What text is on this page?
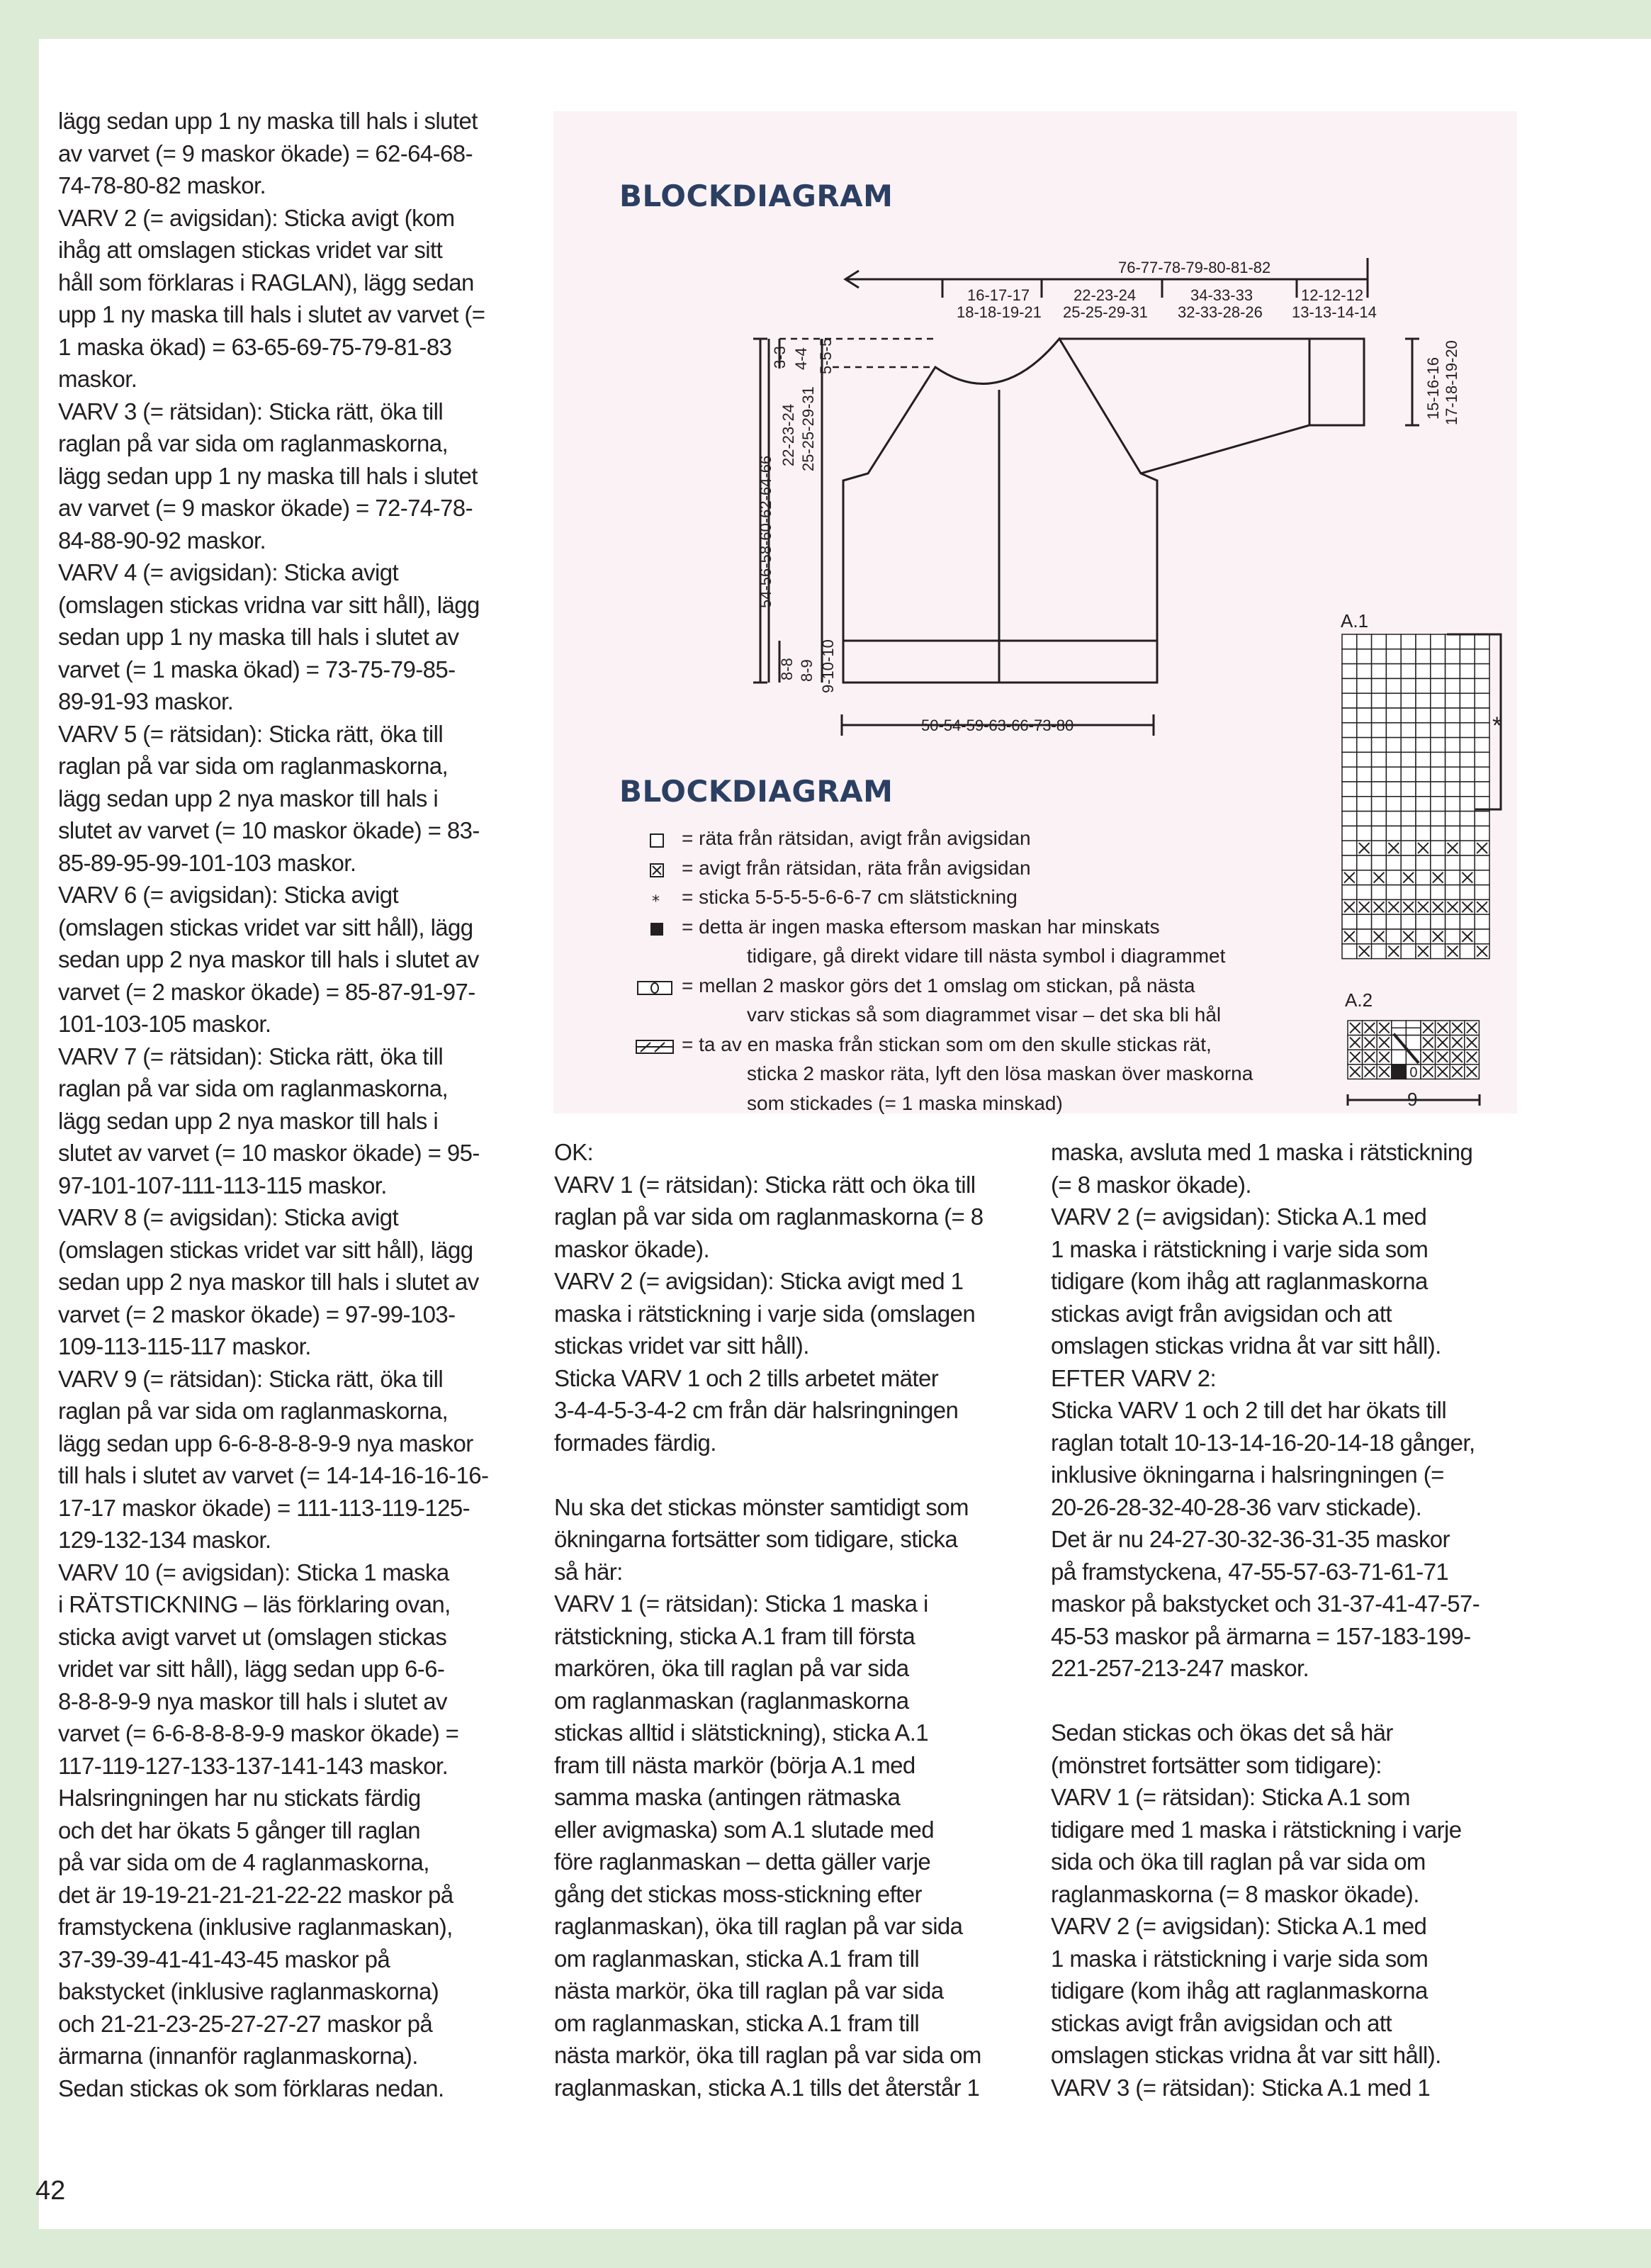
lägg sedan upp 1 ny maska till hals i slutet
av varvet (= 9 maskor ökade) = 62-64-68-
74-78-80-82 maskor.
VARV 2 (= avigsidan): Sticka avigt (kom
ihåg att omslagen stickas vridet var sitt
håll som förklaras i RAGLAN), lägg sedan
upp 1 ny maska till hals i slutet av varvet (=
1 maska ökad) = 63-65-69-75-79-81-83
maskor.
VARV 3 (= rätsidan): Sticka rätt, öka till
raglan på var sida om raglanmaskorna,
lägg sedan upp 1 ny maska till hals i slutet
av varvet (= 9 maskor ökade) = 72-74-78-
84-88-90-92 maskor.
VARV 4 (= avigsidan): Sticka avigt
(omslagen stickas vridna var sitt håll), lägg
sedan upp 1 ny maska till hals i slutet av
varvet (= 1 maska ökad) = 73-75-79-85-
89-91-93 maskor.
VARV 5 (= rätsidan): Sticka rätt, öka till
raglan på var sida om raglanmaskorna,
lägg sedan upp 2 nya maskor till hals i
slutet av varvet (= 10 maskor ökade) = 83-
85-89-95-99-101-103 maskor.
VARV 6 (= avigsidan): Sticka avigt
(omslagen stickas vridet var sitt håll), lägg
sedan upp 2 nya maskor till hals i slutet av
varvet (= 2 maskor ökade) = 85-87-91-97-
101-103-105 maskor.
VARV 7 (= rätsidan): Sticka rätt, öka till
raglan på var sida om raglanmaskorna,
lägg sedan upp 2 nya maskor till hals i
slutet av varvet (= 10 maskor ökade) = 95-
97-101-107-111-113-115 maskor.
VARV 8 (= avigsidan): Sticka avigt
(omslagen stickas vridet var sitt håll), lägg
sedan upp 2 nya maskor till hals i slutet av
varvet (= 2 maskor ökade) = 97-99-103-
109-113-115-117 maskor.
VARV 9 (= rätsidan): Sticka rätt, öka till
raglan på var sida om raglanmaskorna,
lägg sedan upp 6-6-8-8-8-9-9 nya maskor
till hals i slutet av varvet (= 14-14-16-16-16-
17-17 maskor ökade) = 111-113-119-125-
129-132-134 maskor.
VARV 10 (= avigsidan): Sticka 1 maska
i RÄTSTICKNING – läs förklaring ovan,
sticka avigt varvet ut (omslagen stickas
vridet var sitt håll), lägg sedan upp 6-6-
8-8-8-9-9 nya maskor till hals i slutet av
varvet (= 6-6-8-8-8-9-9 maskor ökade) =
117-119-127-133-137-141-143 maskor.
Halsringningen har nu stickats färdig
och det har ökats 5 gånger till raglan
på var sida om de 4 raglanmaskorna,
det är 19-19-21-21-21-22-22 maskor på
framstyckena (inklusive raglanmaskan),
37-39-39-41-41-43-45 maskor på
bakstycket (inklusive raglanmaskorna)
och 21-21-23-25-27-27-27 maskor på
ärmarna (innanför raglanmaskorna).
Sedan stickas ok som förklaras nedan.
BLOCKDIAGRAM
76-77-78-79-80-81-82
16-17-17
18-18-19-21
22-23-24
25-25-29-31
34-33-33
32-33-28-26
12-12-12
13-13-14-14
50-54-59-63-66-73-80
15-16-16 17-18-19-20
3-3 4-4 5-5-5
22-23-24 25-25-29-31
54-56-58-60-62-64-66
8-8 8-9 9-10-10
A.1
*
A.2
0
9
BLOCKDIAGRAM
= räta från rätsidan, avigt från avigsidan
= avigt från rätsidan, räta från avigsidan
* = sticka 5-5-5-5-6-6-7 cm slätstickning
= detta är ingen maska eftersom maskan har minskats
tidigare, gå direkt vidare till nästa symbol i diagrammet
= mellan 2 maskor görs det 1 omslag om stickan, på nästa
varv stickas så som diagrammet visar – det ska bli hål
= ta av en maska från stickan som om den skulle stickas rät,
sticka 2 maskor räta, lyft den lösa maskan över maskorna
som stickades (= 1 maska minskad)
OK:
VARV 1 (= rätsidan): Sticka rätt och öka till
raglan på var sida om raglanmaskorna (= 8
maskor ökade).
VARV 2 (= avigsidan): Sticka avigt med 1
maska i rätstickning i varje sida (omslagen
stickas vridet var sitt håll).
Sticka VARV 1 och 2 tills arbetet mäter
3-4-4-5-3-4-2 cm från där halsringningen
formades färdig.
Nu ska det stickas mönster samtidigt som
ökningarna fortsätter som tidigare, sticka
så här:
VARV 1 (= rätsidan): Sticka 1 maska i
rätstickning, sticka A.1 fram till första
markören, öka till raglan på var sida
om raglanmaskan (raglanmaskorna
stickas alltid i slätstickning), sticka A.1
fram till nästa markör (börja A.1 med
samma maska (antingen rätmaska
eller avigmaska) som A.1 slutade med
före raglanmaskan – detta gäller varje
gång det stickas moss-stickning efter
raglanmaskan), öka till raglan på var sida
om raglanmaskan, sticka A.1 fram till
nästa markör, öka till raglan på var sida
om raglanmaskan, sticka A.1 fram till
nästa markör, öka till raglan på var sida om
raglanmaskan, sticka A.1 tills det återstår 1
maska, avsluta med 1 maska i rätstickning
(= 8 maskor ökade).
VARV 2 (= avigsidan): Sticka A.1 med
1 maska i rätstickning i varje sida som
tidigare (kom ihåg att raglanmaskorna
stickas avigt från avigsidan och att
omslagen stickas vridna åt var sitt håll).
EFTER VARV 2:
Sticka VARV 1 och 2 till det har ökats till
raglan totalt 10-13-14-16-20-14-18 gånger,
inklusive ökningarna i halsringningen (=
20-26-28-32-40-28-36 varv stickade).
Det är nu 24-27-30-32-36-31-35 maskor
på framstyckena, 47-55-57-63-71-61-71
maskor på bakstycket och 31-37-41-47-57-
45-53 maskor på ärmarna = 157-183-199-
221-257-213-247 maskor.
Sedan stickas och ökas det så här
(mönstret fortsätter som tidigare):
VARV 1 (= rätsidan): Sticka A.1 som
tidigare med 1 maska i rätstickning i varje
sida och öka till raglan på var sida om
raglanmaskorna (= 8 maskor ökade).
VARV 2 (= avigsidan): Sticka A.1 med
1 maska i rätstickning i varje sida som
tidigare (kom ihåg att raglanmaskorna
stickas avigt från avigsidan och att
omslagen stickas vridna åt var sitt håll).
VARV 3 (= rätsidan): Sticka A.1 med 1
42
